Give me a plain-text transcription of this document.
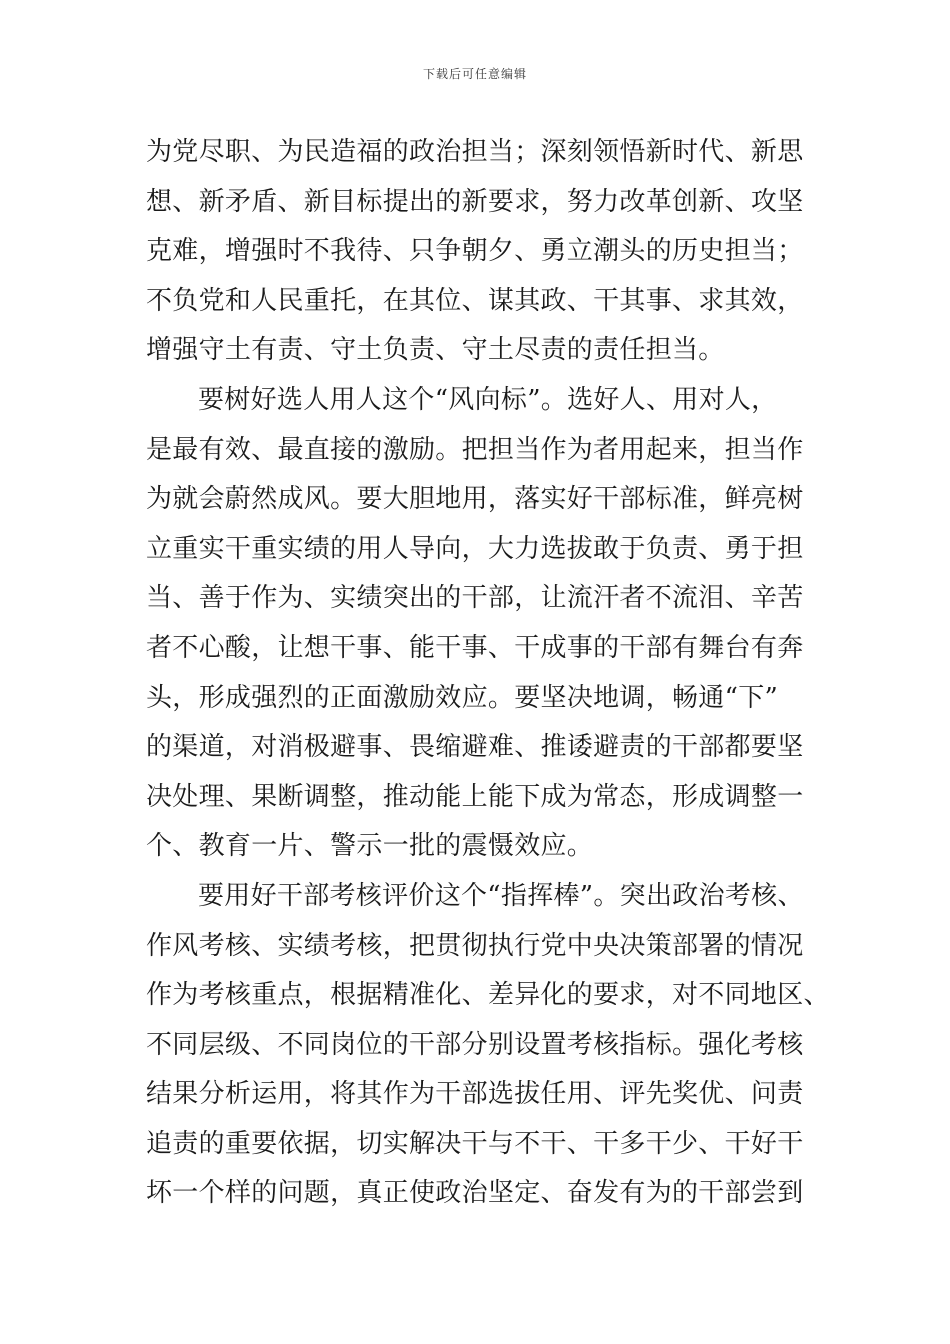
下载后可任意编辑
为党尽职、为民造福的政治担当；深刻领悟新时代、新思
想、新矛盾、新目标提出的新要求，努力改革创新、攻坚
克难，增强时不我待、只争朝夕、勇立潮头的历史担当；
不负党和人民重托，在其位、谋其政、干其事、求其效，
增强守土有责、守土负责、守土尽责的责任担当。
要树好选人用人这个“风向标”。选好人、用对人，
是最有效、最直接的激励。把担当作为者用起来，担当作
为就会蔚然成风。要大胆地用，落实好干部标准，鲜亮树
立重实干重实绩的用人导向，大力选拔敢于负责、勇于担
当、善于作为、实绩突出的干部，让流汗者不流泪、辛苦
者不心酸，让想干事、能干事、干成事的干部有舞台有奔
头，形成强烈的正面激励效应。要坚决地调，畅通“下”
的渠道，对消极避事、畏缩避难、推诿避责的干部都要坚
决处理、果断调整，推动能上能下成为常态，形成调整一
个、教育一片、警示一批的震慑效应。
要用好干部考核评价这个“指挥棒”。突出政治考核、
作风考核、实绩考核，把贯彻执行党中央决策部署的情况
作为考核重点，根据精准化、差异化的要求，对不同地区、
不同层级、不同岗位的干部分别设置考核指标。强化考核
结果分析运用，将其作为干部选拔任用、评先奖优、问责
追责的重要依据，切实解决干与不干、干多干少、干好干
坏一个样的问题，真正使政治坚定、奋发有为的干部尝到
